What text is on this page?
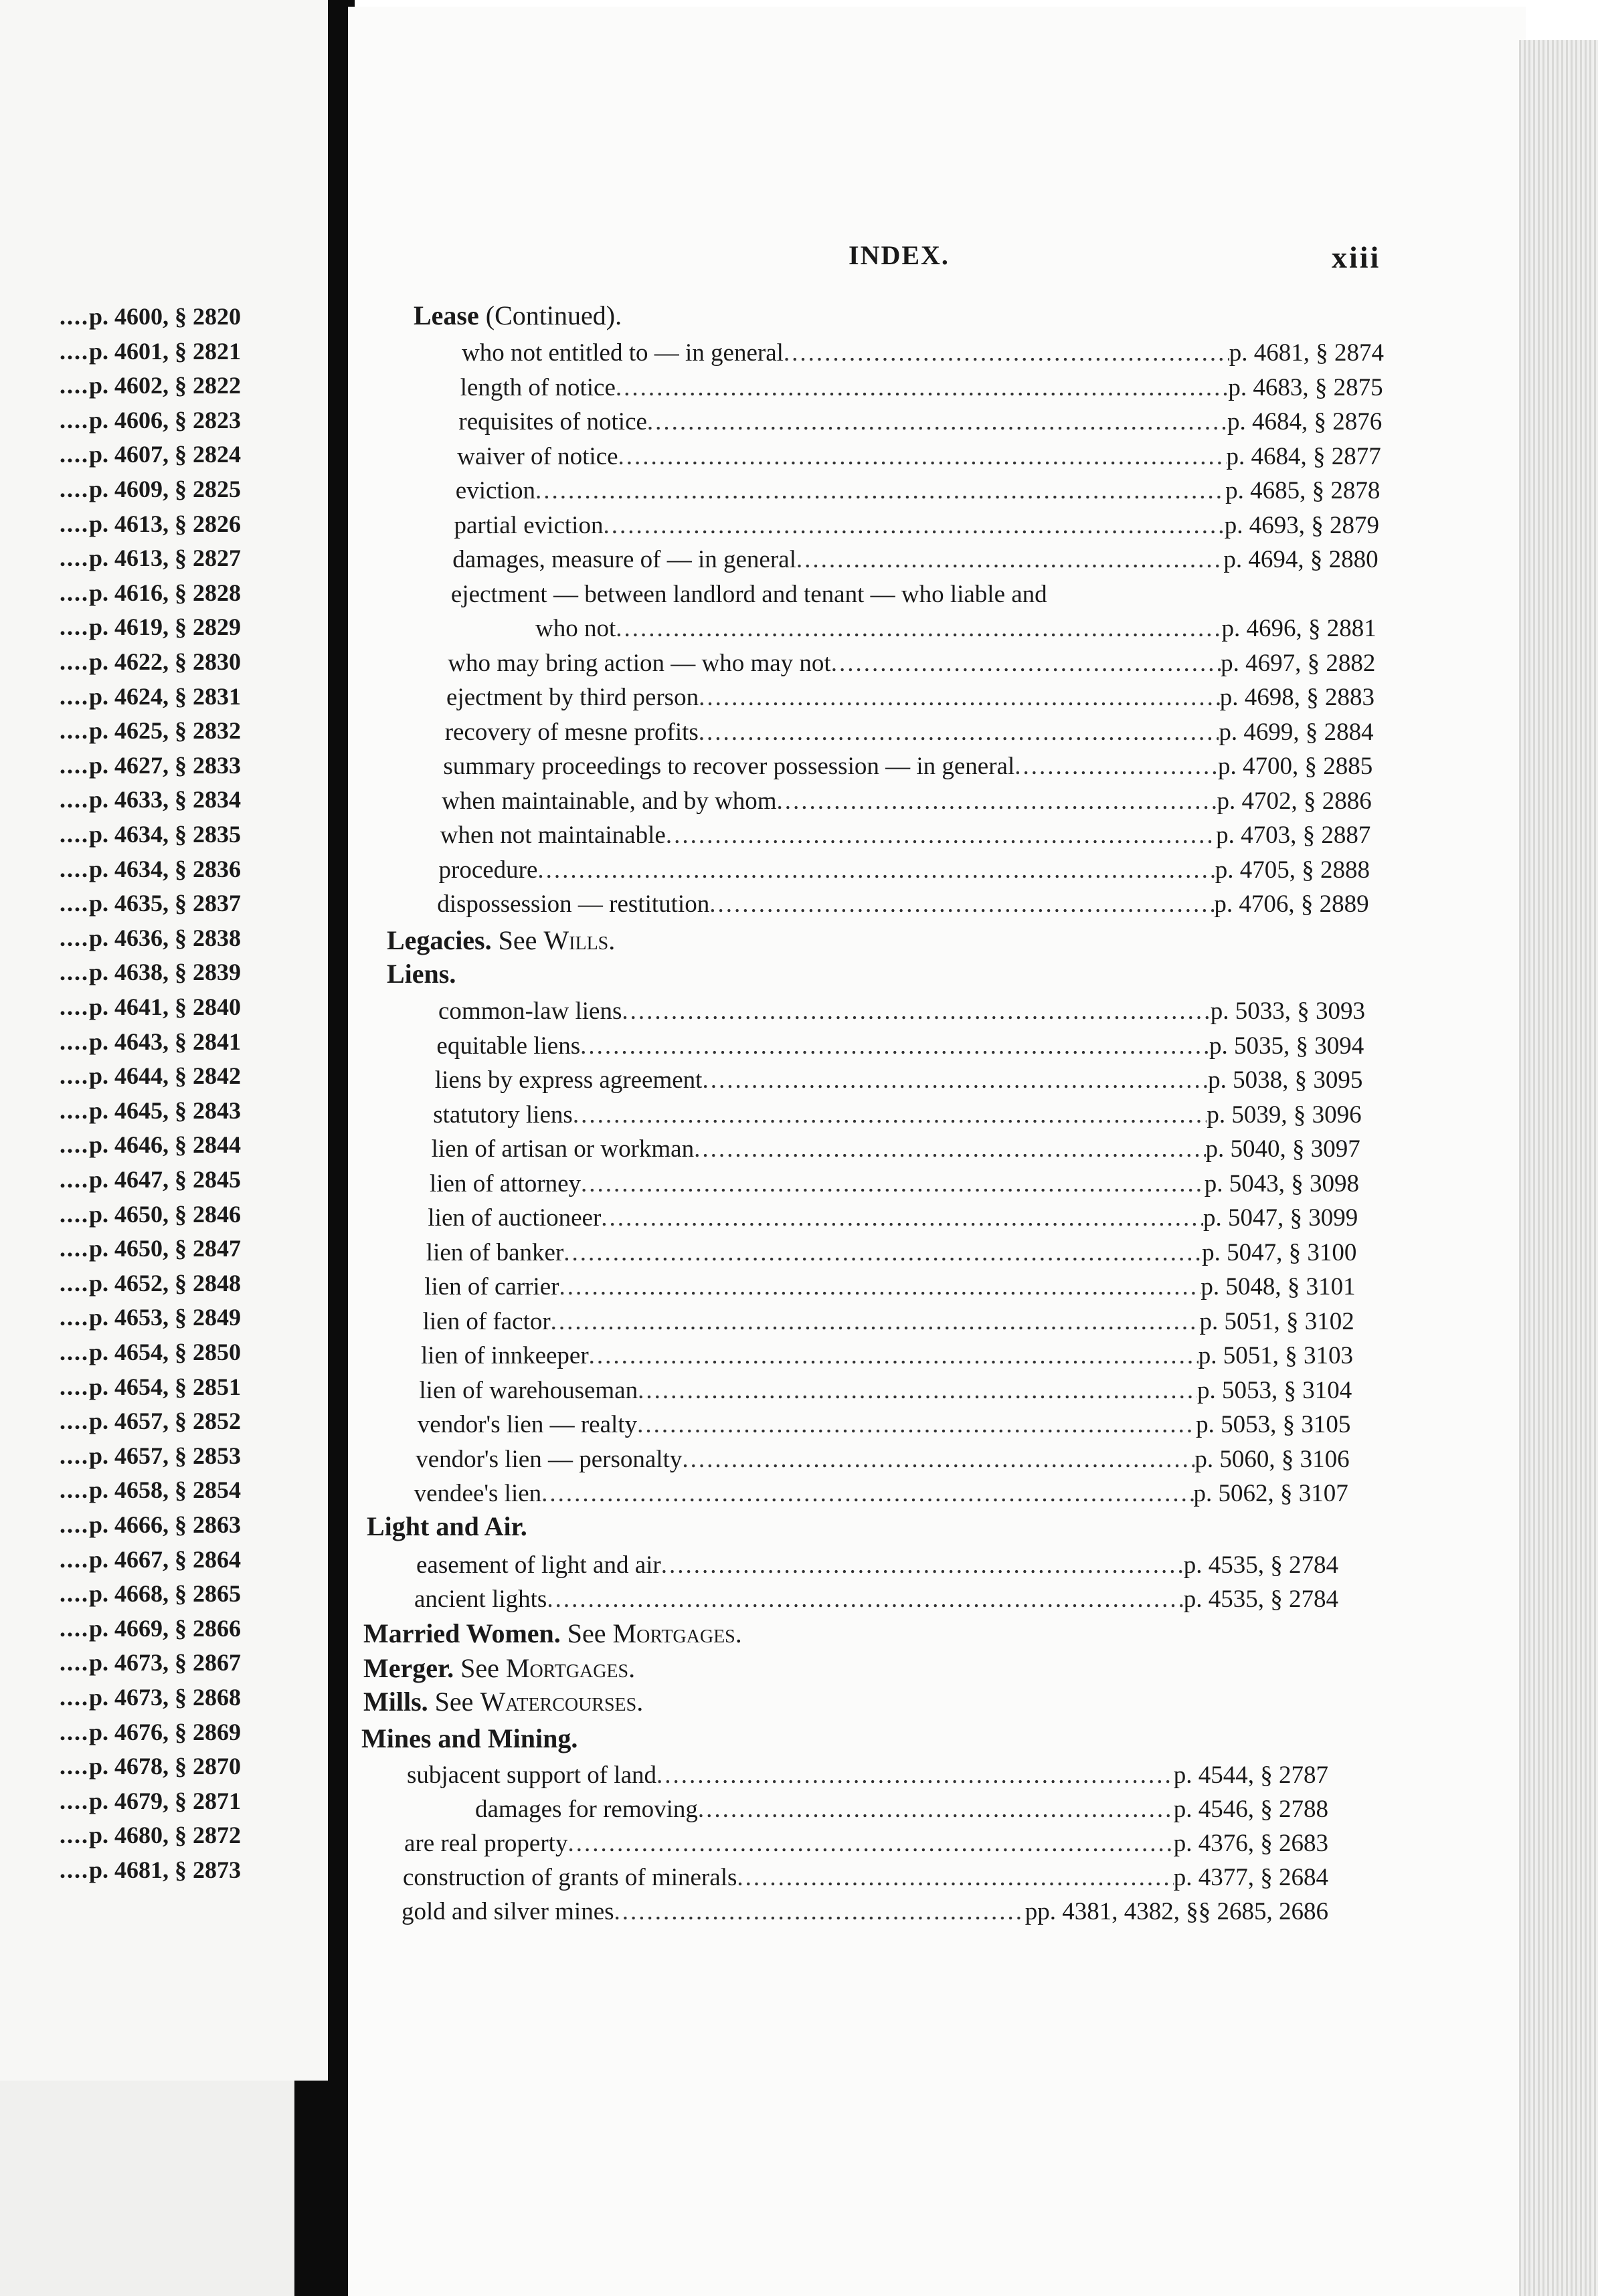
....p. 4600, § 2820
....p. 4601, § 2821
....p. 4602, § 2822
....p. 4606, § 2823
....p. 4607, § 2824
....p. 4609, § 2825
....p. 4613, § 2826
....p. 4613, § 2827
....p. 4616, § 2828
....p. 4619, § 2829
....p. 4622, § 2830
....p. 4624, § 2831
....p. 4625, § 2832
....p. 4627, § 2833
....p. 4633, § 2834
....p. 4634, § 2835
....p. 4634, § 2836
....p. 4635, § 2837
....p. 4636, § 2838
....p. 4638, § 2839
....p. 4641, § 2840
....p. 4643, § 2841
....p. 4644, § 2842
....p. 4645, § 2843
....p. 4646, § 2844
....p. 4647, § 2845
....p. 4650, § 2846
....p. 4650, § 2847
....p. 4652, § 2848
....p. 4653, § 2849
....p. 4654, § 2850
....p. 4654, § 2851
....p. 4657, § 2852
....p. 4657, § 2853
....p. 4658, § 2854
....p. 4666, § 2863
....p. 4667, § 2864
....p. 4668, § 2865
....p. 4669, § 2866
....p. 4673, § 2867
....p. 4673, § 2868
....p. 4676, § 2869
....p. 4678, § 2870
....p. 4679, § 2871
....p. 4680, § 2872
....p. 4681, § 2873
INDEX.	xiii
Lease (Continued).
who not entitled to — in general .....	p. 4681, § 2874
length of notice .....	p. 4683, § 2875
requisites of notice .....	p. 4684, § 2876
waiver of notice .....	p. 4684, § 2877
eviction .....	p. 4685, § 2878
partial eviction .....	p. 4693, § 2879
damages, measure of — in general .....	p. 4694, § 2880
ejectment — between landlord and tenant — who liable and
who not .....	p. 4696, § 2881
who may bring action — who may not .....	p. 4697, § 2882
ejectment by third person .....	p. 4698, § 2883
recovery of mesne profits .....	p. 4699, § 2884
summary proceedings to recover possession — in general .....	p. 4700, § 2885
when maintainable, and by whom .....	p. 4702, § 2886
when not maintainable .....	p. 4703, § 2887
procedure .....	p. 4705, § 2888
dispossession — restitution .....	p. 4706, § 2889
Legacies. See Wills.
Liens.
common-law liens .....	p. 5033, § 3093
equitable liens .....	p. 5035, § 3094
liens by express agreement .....	p. 5038, § 3095
statutory liens .....	p. 5039, § 3096
lien of artisan or workman .....	p. 5040, § 3097
lien of attorney .....	p. 5043, § 3098
lien of auctioneer .....	p. 5047, § 3099
lien of banker .....	p. 5047, § 3100
lien of carrier .....	p. 5048, § 3101
lien of factor .....	p. 5051, § 3102
lien of innkeeper .....	p. 5051, § 3103
lien of warehouseman .....	p. 5053, § 3104
vendor's lien — realty .....	p. 5053, § 3105
vendor's lien — personalty .....	p. 5060, § 3106
vendee's lien .....	p. 5062, § 3107
Light and Air.
easement of light and air .....	p. 4535, § 2784
ancient lights .....	p. 4535, § 2784
Married Women. See Mortgages.
Merger. See Mortgages.
Mills. See Watercourses.
Mines and Mining.
subjacent support of land .....	p. 4544, § 2787
damages for removing .....	p. 4546, § 2788
are real property .....	p. 4376, § 2683
construction of grants of minerals .....	p. 4377, § 2684
gold and silver mines .....	pp. 4381, 4382, §§ 2685, 2686
